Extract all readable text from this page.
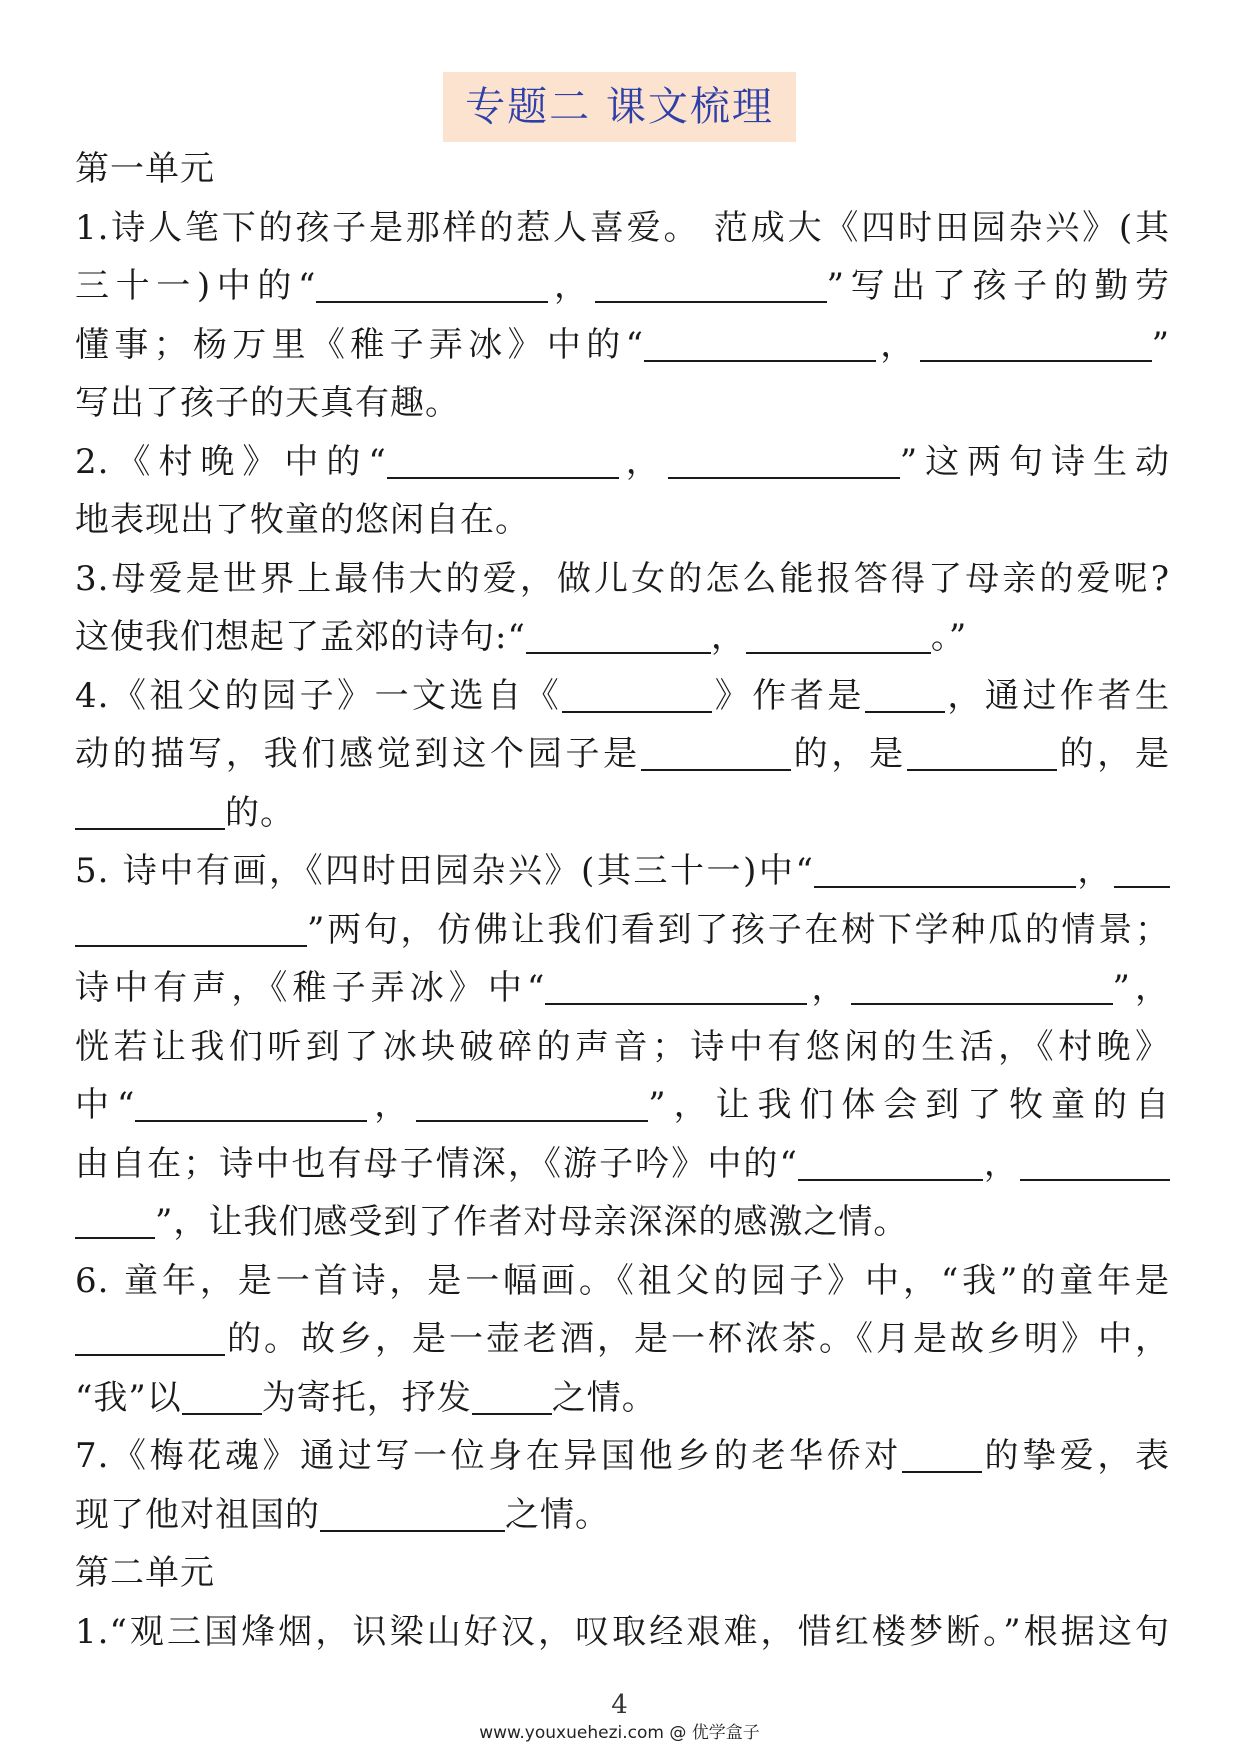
专题二 课文梳理

第一单元

1.诗人笔下的孩子是那样的惹人喜爱。 范成大《四时田园杂兴》(其

三十一)中的“	，	”写出了孩子的勤劳

懂事；杨万里《稚子弄冰》中的“	，	”

写出了孩子的天真有趣。

2.《村晚》中的“	，	”这两句诗生动

地表现出了牧童的悠闲自在。

3.母爱是世界上最伟大的爱，做儿女的怎么能报答得了母亲的爱呢?

这使我们想起了孟郊的诗句:“	，	。”

4.《祖父的园子》一文选自《	》作者是 ，通过作者生

动的描写，我们感觉到这个园子是	的，是	的，是

的。

5. 诗中有画，《四时田园杂兴》(其三十一)中“	，

”两句，仿佛让我们看到了孩子在树下学种瓜的情景；

诗中有声，《稚子弄冰》中“	，	”，

恍若让我们听到了冰块破碎的声音；诗中有悠闲的生活，《村晚》

中“	，	”，让我们体会到了牧童的自

由自在；诗中也有母子情深，《游子吟》中的“	，

”，让我们感受到了作者对母亲深深的感激之情。

6. 童年，是一首诗，是一幅画。《祖父的园子》中，“我”的童年是

的。故乡，是一壶老酒，是一杯浓茶。《月是故乡明》中，

“我”以 为寄托，抒发 之情。

7.《梅花魂》通过写一位身在异国他乡的老华侨对 的挚爱，表

现了他对祖国的	之情。

第二单元

1.“观三国烽烟，识梁山好汉，叹取经艰难，惜红楼梦断。”根据这句

4
www.youxuehezi.com @ 优学盒子
